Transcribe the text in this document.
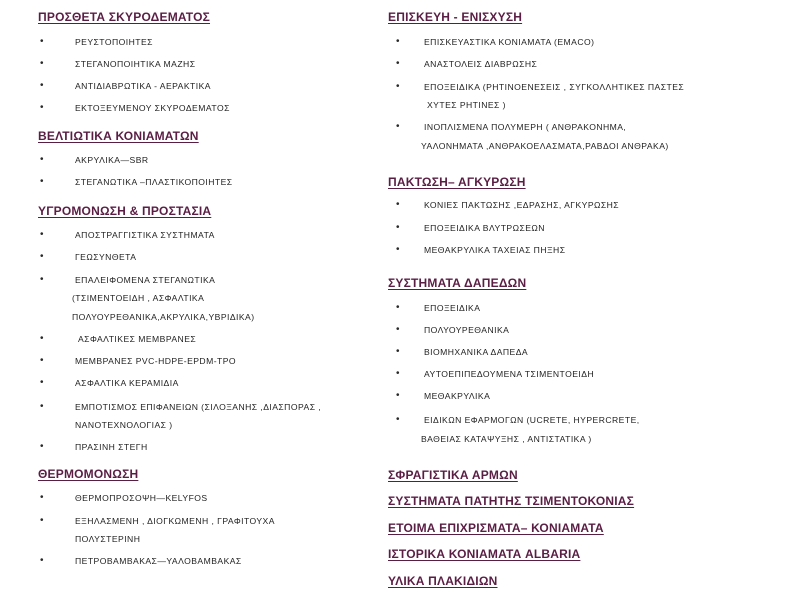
ΠΡΟΣΘΕΤΑ ΣΚΥΡΟΔΕΜΑΤΟΣ
•	ΡΕΥΣΤΟΠΟΙΗΤΕΣ
•	ΣΤΕΓΑΝΟΠΟΙΗΤΙΚΑ ΜΑΖΗΣ
•	ΑΝΤΙΔΙΑΒΡΩΤΙΚΑ - ΑΕΡΑΚΤΙΚΑ
•	ΕΚΤΟΞΕΥΜΕΝΟΥ ΣΚΥΡΟΔΕΜΑΤΟΣ
ΒΕΛΤΙΩΤΙΚΑ ΚΟΝΙΑΜΑΤΩΝ
•	ΑΚΡΥΛΙΚΑ—SBR
•	ΣΤΕΓΑΝΩΤΙΚΑ –ΠΛΑΣΤΙΚΟΠΟΙΗΤΕΣ
ΥΓΡΟΜΟΝΩΣΗ & ΠΡΟΣΤΑΣΙΑ
•	ΑΠΟΣΤΡΑΓΓΙΣΤΙΚΑ ΣΥΣΤΗΜΑΤΑ
•	ΓΕΩΣΥΝΘΕΤΑ
•	ΕΠΑΛΕΙΦΟΜΕΝΑ ΣΤΕΓΑΝΩΤΙΚΑ
(ΤΣΙΜΕΝΤΟΕΙΔΗ , ΑΣΦΑΛΤΙΚΑ
ΠΟΛΥΟΥΡΕΘΑΝΙΚΑ,ΑΚΡΥΛΙΚΑ,ΥΒΡΙΔΙΚΑ)
•	ΑΣΦΑΛΤΙΚΕΣ ΜΕΜΒΡΑΝΕΣ
•	ΜΕΜΒΡΑΝΕΣ PVC-HDPE-EPDM-TPO
•	ΑΣΦΑΛΤΙΚΑ ΚΕΡΑΜΙΔΙΑ
•	ΕΜΠΟΤΙΣΜΟΣ ΕΠΙΦΑΝΕΙΩΝ (ΣΙΛΟΞΑΝΗΣ ,ΔΙΑΣΠΟΡΑΣ ,
ΝΑΝΟΤΕΧΝΟΛΟΓΙΑΣ )
•	ΠΡΑΣΙΝΗ ΣΤΕΓΗ
ΘΕΡΜΟΜΟΝΩΣΗ
•	ΘΕΡΜΟΠΡΟΣΟΨΗ—KELYFOS
•	ΕΞΗΛΑΣΜΕΝΗ , ΔΙΟΓΚΩΜΕΝΗ , ΓΡΑΦΙΤΟΥΧΑ
ΠΟΛΥΣΤΕΡΙΝΗ
•	ΠΕΤΡΟΒΑΜΒΑΚΑΣ—ΥΑΛΟΒΑΜΒΑΚΑΣ
ΕΠΙΣΚΕΥΗ - ΕΝΙΣΧΥΣΗ
•	ΕΠΙΣΚΕΥΑΣΤΙΚΑ ΚΟΝΙΑΜΑΤΑ (EMACO)
•	ΑΝΑΣΤΟΛΕΙΣ ΔΙΑΒΡΩΣΗΣ
•	ΕΠΟΞΕΙΔΙΚΑ (ΡΗΤΙΝΟΕΝΕΣΕΙΣ , ΣΥΓΚΟΛΛΗΤΙΚΕΣ ΠΑΣΤΕΣ
ΧΥΤΕΣ ΡΗΤΙΝΕΣ )
•	ΙΝΟΠΛΙΣΜΕΝΑ ΠΟΛΥΜΕΡΗ ( ΑΝΘΡΑΚΟΝΗΜΑ,
ΥΑΛΟΝΗΜΑΤΑ ,ΑΝΘΡΑΚΟΕΛΑΣΜΑΤΑ,ΡΑΒΔΟΙ ΑΝΘΡΑΚΑ)
ΠΑΚΤΩΣΗ– ΑΓΚΥΡΩΣΗ
•	ΚΟΝΙΕΣ ΠΑΚΤΩΣΗΣ ,ΕΔΡΑΣΗΣ, ΑΓΚΥΡΩΣΗΣ
•	ΕΠΟΞΕΙΔΙΚΑ ΒΛΥΤΡΩΣΕΩΝ
•	ΜΕΘΑΚΡΥΛΙΚΑ ΤΑΧΕΙΑΣ ΠΗΞΗΣ
ΣΥΣΤΗΜΑΤΑ ΔΑΠΕΔΩΝ
•	ΕΠΟΞΕΙΔΙΚΑ
•	ΠΟΛΥΟΥΡΕΘΑΝΙΚΑ
•	ΒΙΟΜΗΧΑΝΙΚΑ ΔΑΠΕΔΑ
•	ΑΥΤΟΕΠΙΠΕΔΟΥΜΕΝΑ ΤΣΙΜΕΝΤΟΕΙΔΗ
•	ΜΕΘΑΚΡΥΛΙΚΑ
•	ΕΙΔΙΚΩΝ ΕΦΑΡΜΟΓΩΝ (UCRETE, HYPERCRETE,
ΒΑΘΕΙΑΣ ΚΑΤΑΨΥΞΗΣ , ΑΝΤΙΣΤΑΤΙΚΑ )
ΣΦΡΑΓΙΣΤΙΚΑ ΑΡΜΩΝ
ΣΥΣΤΗΜΑΤΑ ΠΑΤΗΤΗΣ ΤΣΙΜΕΝΤΟΚΟΝΙΑΣ
ΕΤΟΙΜΑ ΕΠΙΧΡΙΣΜΑΤΑ– ΚΟΝΙΑΜΑΤΑ
ΙΣΤΟΡΙΚΑ ΚΟΝΙΑΜΑΤΑ ALBARIA
ΥΛΙΚΑ ΠΛΑΚΙΔΙΩΝ
